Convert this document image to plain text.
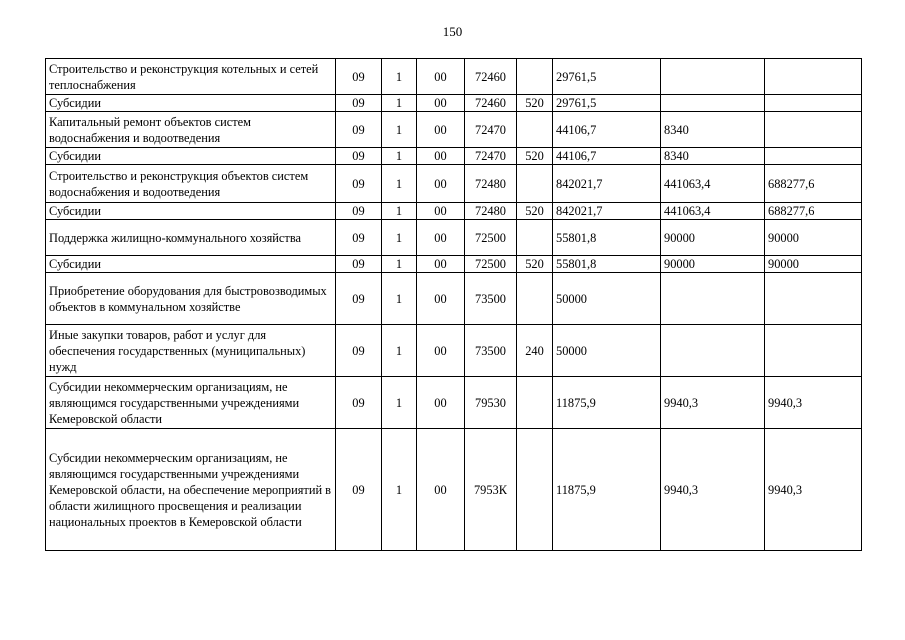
150
Строительство и реконструкция котельных и сетей теплоснабжения	09	1	00	72460		29761,5		
Субсидии	09	1	00	72460	520	29761,5		
Капитальный ремонт объектов систем водоснабжения и водоотведения	09	1	00	72470		44106,7	8340	
Субсидии	09	1	00	72470	520	44106,7	8340	
Строительство и реконструкция объектов систем водоснабжения и водоотведения	09	1	00	72480		842021,7	441063,4	688277,6
Субсидии	09	1	00	72480	520	842021,7	441063,4	688277,6
Поддержка жилищно-коммунального хозяйства	09	1	00	72500		55801,8	90000	90000
Субсидии	09	1	00	72500	520	55801,8	90000	90000
Приобретение оборудования для быстровозводимых объектов в коммунальном хозяйстве	09	1	00	73500		50000		
Иные закупки товаров, работ и услуг для обеспечения государственных (муниципальных) нужд	09	1	00	73500	240	50000		
Субсидии некоммерческим организациям, не являющимся государственными учреждениями Кемеровской области	09	1	00	79530		11875,9	9940,3	9940,3
Субсидии некоммерческим организациям, не являющимся государственными учреждениями Кемеровской области, на обеспечение мероприятий в области жилищного просвещения и реализации национальных проектов в Кемеровской области	09	1	00	7953К		11875,9	9940,3	9940,3
